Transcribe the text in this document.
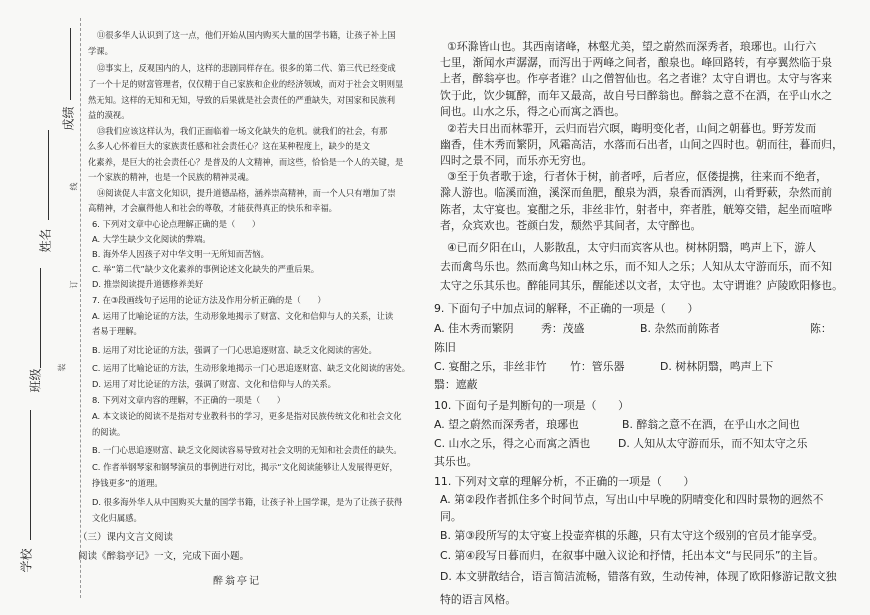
成绩
姓名
班级
学校
线
订
装
⑪很多华人认识到了这一点，他们开始从国内购买大量的国学书籍，让孩子补上国
学课。
⑫事实上，反观国内的人，这样的悲剧同样存在。很多的第二代、第三代已经变成
了一个十足的财富管理者，仅仅精于自己家族和企业的经济领域，而对于社会文明则显
然无知。这样的无知和无知，导致的后果就是社会责任的严重缺失，对国家和民族利
益的漠视。
⑬我们应该这样认为，我们正面临着一场文化缺失的危机。就我们的社会，有那
么多人心怀着巨大的家族责任感和社会责任心？这在某种程度上，缺少的是文
化素养，是巨大的社会责任心？是普及的人文精神，而这些，恰恰是一个人的关键，是
一个家族的精神，也是一个民族的精神灵魂。
⑭阅读促人丰富文化知识，提升道德品格，涵养崇高精神，而一个人只有增加了崇
高精神，才会赢得他人和社会的尊敬，才能获得真正的快乐和幸福。
6. 下列对文章中心论点理解正确的是（　　）
A. 大学生缺少文化阅读的弊端。
B. 海外华人因孩子对中华文明一无所知而苦恼。
C. 举“第二代”缺少文化素养的事例论述文化缺失的严重后果。
D. 推崇阅读提升道德修养美好
7. 在③段画线句子运用的论证方法及作用分析正确的是（　　）
A. 运用了比喻论证的方法，生动形象地揭示了财富、文化和信仰与人的关系，让读
者易于理解。
B. 运用了对比论证的方法，强调了一门心思追逐财富、缺乏文化阅读的害处。
C. 运用了比喻论证的方法，生动形象地揭示一门心思追逐财富、缺乏文化阅读的害处。
D. 运用了对比论证的方法，强调了财富、文化和信仰与人的关系。
8. 下列对文章内容的理解，不正确的一项是（　　）
A. 本文谈论的阅读不是指对专业教科书的学习，更多是指对民族传统文化和社会文化
的阅读。
B. 一门心思追逐财富、缺乏文化阅读容易导致对社会文明的无知和社会责任的缺失。
C. 作者举钢琴家和钢琴演员的事例进行对比，揭示“文化阅读能够让人发展得更好，
挣钱更多”的道理。
D. 很多海外华人从中国购买大量的国学书籍，让孩子补上国学课，是为了让孩子获得
文化归属感。
（三）课内文言文阅读
阅读《醉翁亭记》一文，完成下面小题。
醉翁亭记
①环滁皆山也。其西南诸峰，林壑尤美，望之蔚然而深秀者，琅琊也。山行六
七里，渐闻水声潺潺，而泻出于两峰之间者，酿泉也。峰回路转，有亭翼然临于泉
上者，醉翁亭也。作亭者谁？山之僧智仙也。名之者谁？太守自谓也。太守与客来
饮于此，饮少辄醉，而年又最高，故自号曰醉翁也。醉翁之意不在酒，在乎山水之
间也。山水之乐，得之心而寓之酒也。
②若夫日出而林霏开，云归而岩穴暝，晦明变化者，山间之朝暮也。野芳发而
幽香，佳木秀而繁阴，风霜高洁，水落而石出者，山间之四时也。朝而往，暮而归，
四时之景不同，而乐亦无穷也。
③至于负者歌于途，行者休于树，前者呼，后者应，伛偻提携，往来而不绝者，
滁人游也。临溪而渔，溪深而鱼肥，酿泉为酒，泉香而酒洌，山肴野蔌，杂然而前
陈者，太守宴也。宴酣之乐，非丝非竹，射者中，弈者胜，觥筹交错，起坐而喧哗
者，众宾欢也。苍颜白发，颓然乎其间者，太守醉也。
④已而夕阳在山，人影散乱，太守归而宾客从也。树林阴翳，鸣声上下，游人
去而禽鸟乐也。然而禽鸟知山林之乐，而不知人之乐；人知从太守游而乐，而不知
太守之乐其乐也。醉能同其乐，醒能述以文者，太守也。太守谓谁？庐陵欧阳修也。
9. 下面句子中加点词的解释，不正确的一项是（　　）
A. 佳木秀而繁阴	秀：茂盛	B. 杂然而前陈者	陈：
陈旧
C. 宴酣之乐，非丝非竹 竹：管乐器	D. 树林阴翳，鸣声上下
翳：遮蔽
10. 下面句子是判断句的一项是（　　）
A. 望之蔚然而深秀者，琅琊也	B. 醉翁之意不在酒，在乎山水之间也
C. 山水之乐，得之心而寓之酒也	D. 人知从太守游而乐，而不知太守之乐
其乐也。
11. 下列对文章的理解分析，不正确的一项是（　　）
A. 第②段作者抓住多个时间节点，写出山中早晚的阴晴变化和四时景物的迥然不
同。
B. 第③段所写的太守宴上投壶弈棋的乐趣，只有太守这个级别的官员才能享受。
C. 第④段写日暮而归，在叙事中融入议论和抒情，托出本文“与民同乐”的主旨。
D. 本文骈散结合，语言简洁流畅，错落有致，生动传神，体现了欧阳修游记散文独
特的语言风格。
